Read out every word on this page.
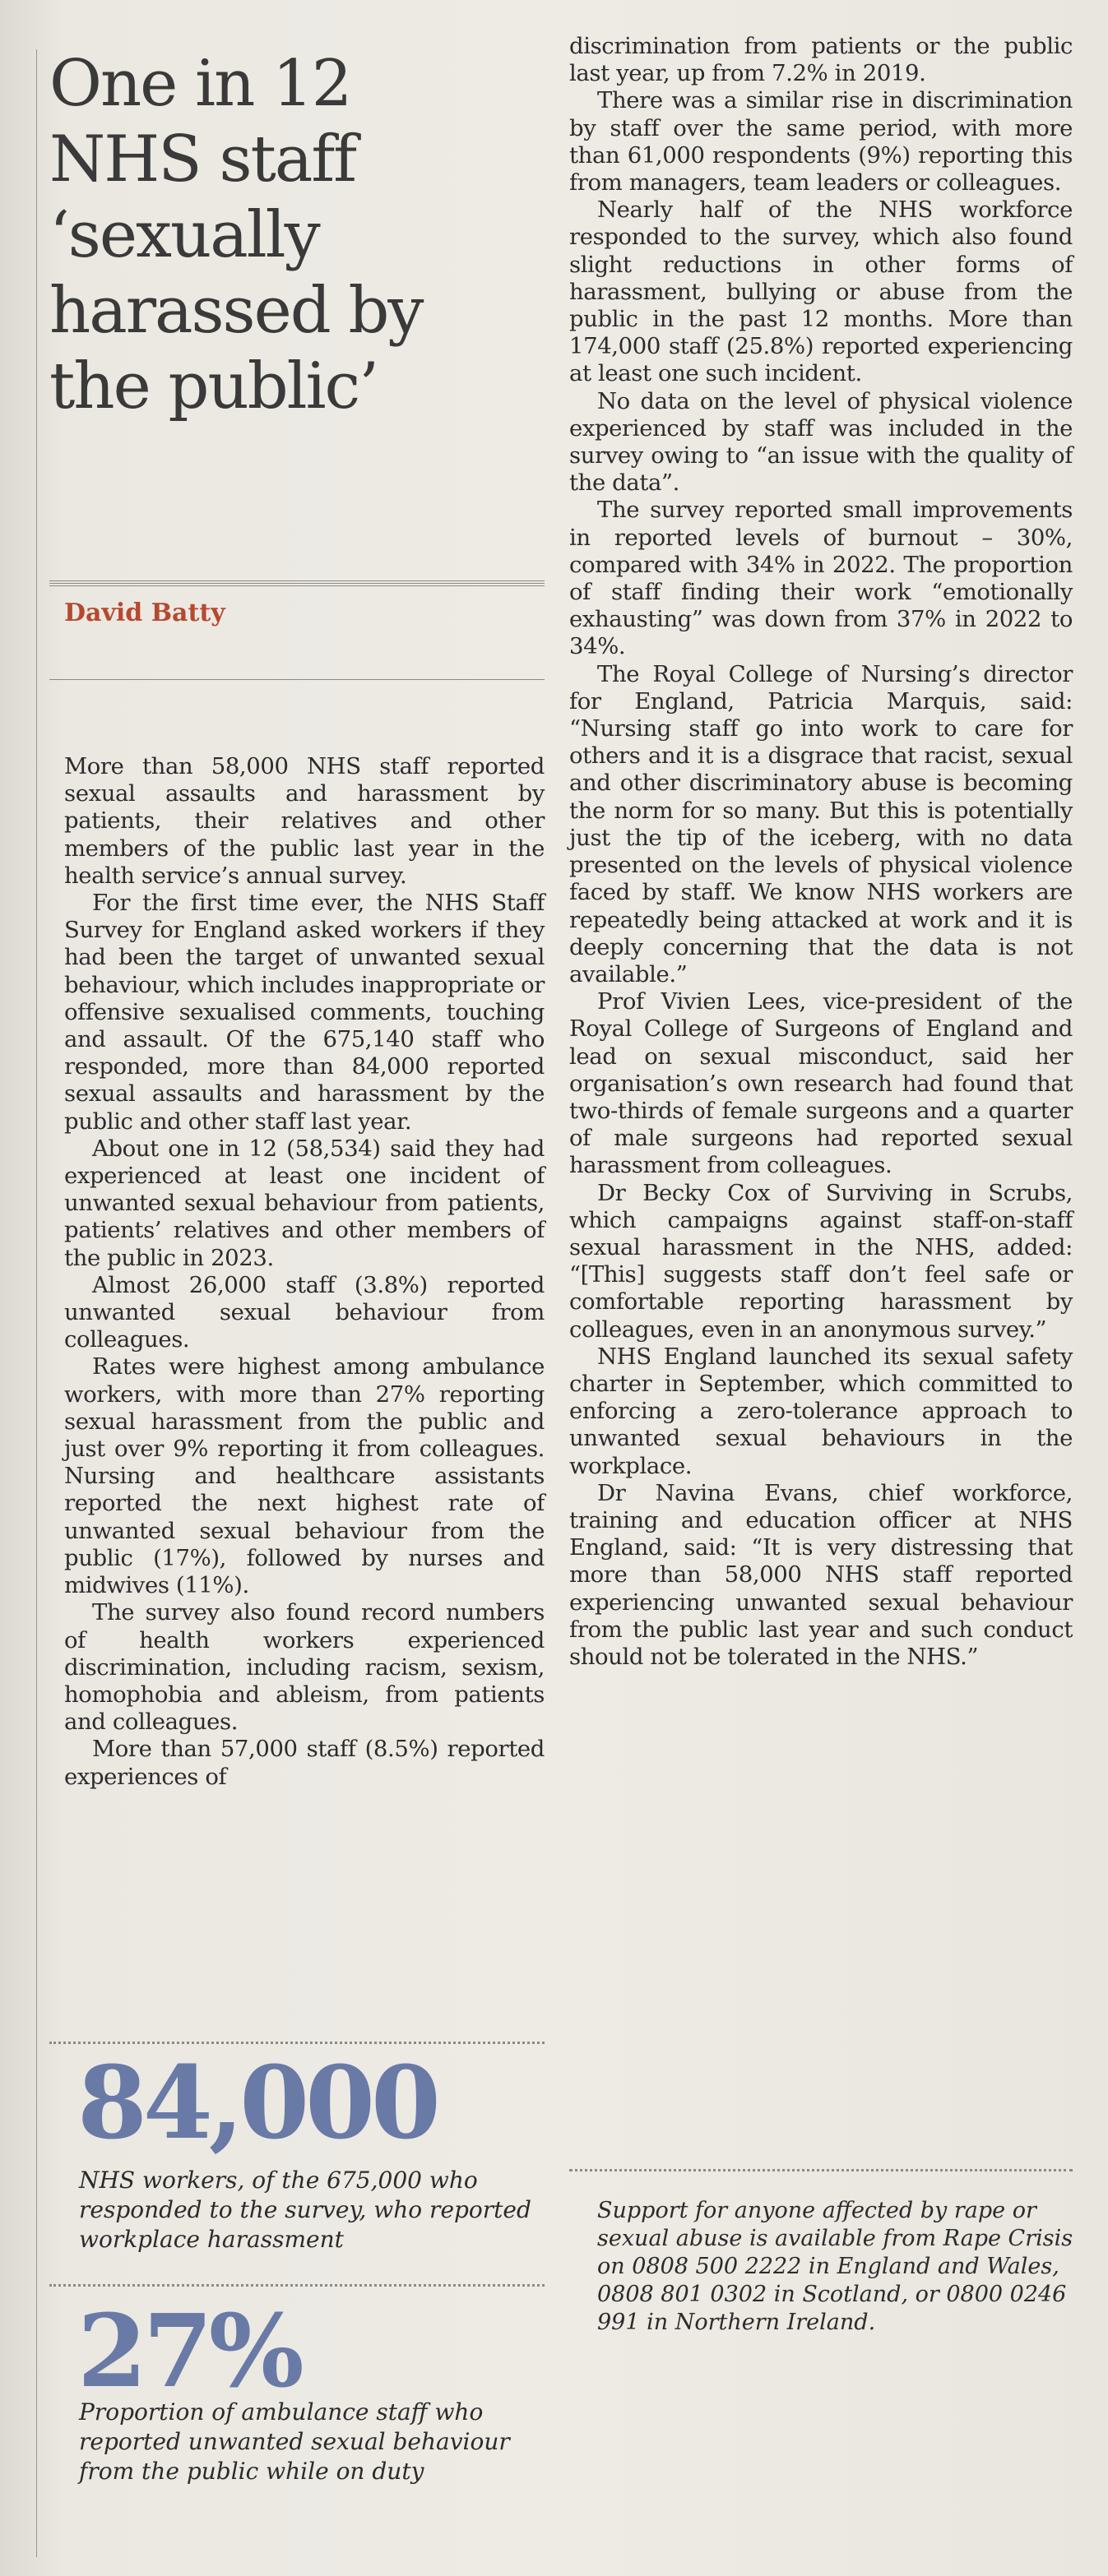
One in 12
NHS staff
‘sexually
harassed by
the public’
David Batty

More than 58,000 NHS staff reported sexual assaults and harassment by patients, their relatives and other members of the public last year in the health service’s annual survey.

For the first time ever, the NHS Staff Survey for England asked workers if they had been the target of unwanted sexual behaviour, which includes inappropriate or offensive sexualised comments, touching and assault. Of the 675,140 staff who responded, more than 84,000 reported sexual assaults and harassment by the public and other staff last year.

About one in 12 (58,534) said they had experienced at least one incident of unwanted sexual behaviour from patients, patients’ relatives and other members of the public in 2023.

Almost 26,000 staff (3.8%) reported unwanted sexual behaviour from colleagues.

Rates were highest among ambulance workers, with more than 27% reporting sexual harassment from the public and just over 9% reporting it from colleagues. Nursing and healthcare assistants reported the next highest rate of unwanted sexual behaviour from the public (17%), followed by nurses and midwives (11%).

The survey also found record numbers of health workers experienced discrimination, including racism, sexism, homophobia and ableism, from patients and colleagues.

More than 57,000 staff (8.5%) reported experiences of

84,000
NHS workers, of the 675,000 who responded to the survey, who reported workplace harassment
27%
Proportion of ambulance staff who reported unwanted sexual behaviour from the public while on duty

discrimination from patients or the public last year, up from 7.2% in 2019.

There was a similar rise in discrimination by staff over the same period, with more than 61,000 respondents (9%) reporting this from managers, team leaders or colleagues.

Nearly half of the NHS workforce responded to the survey, which also found slight reductions in other forms of harassment, bullying or abuse from the public in the past 12 months. More than 174,000 staff (25.8%) reported experiencing at least one such incident.

No data on the level of physical violence experienced by staff was included in the survey owing to “an issue with the quality of the data”.

The survey reported small improvements in reported levels of burnout – 30%, compared with 34% in 2022. The proportion of staff finding their work “emotionally exhausting” was down from 37% in 2022 to 34%.

The Royal College of Nursing’s director for England, Patricia Marquis, said: “Nursing staff go into work to care for others and it is a disgrace that racist, sexual and other discriminatory abuse is becoming the norm for so many. But this is potentially just the tip of the iceberg, with no data presented on the levels of physical violence faced by staff. We know NHS workers are repeatedly being attacked at work and it is deeply concerning that the data is not available.”

Prof Vivien Lees, vice-president of the Royal College of Surgeons of England and lead on sexual misconduct, said her organisation’s own research had found that two-thirds of female surgeons and a quarter of male surgeons had reported sexual harassment from colleagues.

Dr Becky Cox of Surviving in Scrubs, which campaigns against staff-on-staff sexual harassment in the NHS, added: “[This] suggests staff don’t feel safe or comfortable reporting harassment by colleagues, even in an anonymous survey.”

NHS England launched its sexual safety charter in September, which committed to enforcing a zero-tolerance approach to unwanted sexual behaviours in the workplace.

Dr Navina Evans, chief workforce, training and education officer at NHS England, said: “It is very distressing that more than 58,000 NHS staff reported experiencing unwanted sexual behaviour from the public last year and such conduct should not be tolerated in the NHS.”

Support for anyone affected by rape or sexual abuse is available from Rape Crisis on 0808 500 2222 in England and Wales, 0808 801 0302 in Scotland, or 0800 0246 991 in Northern Ireland.
